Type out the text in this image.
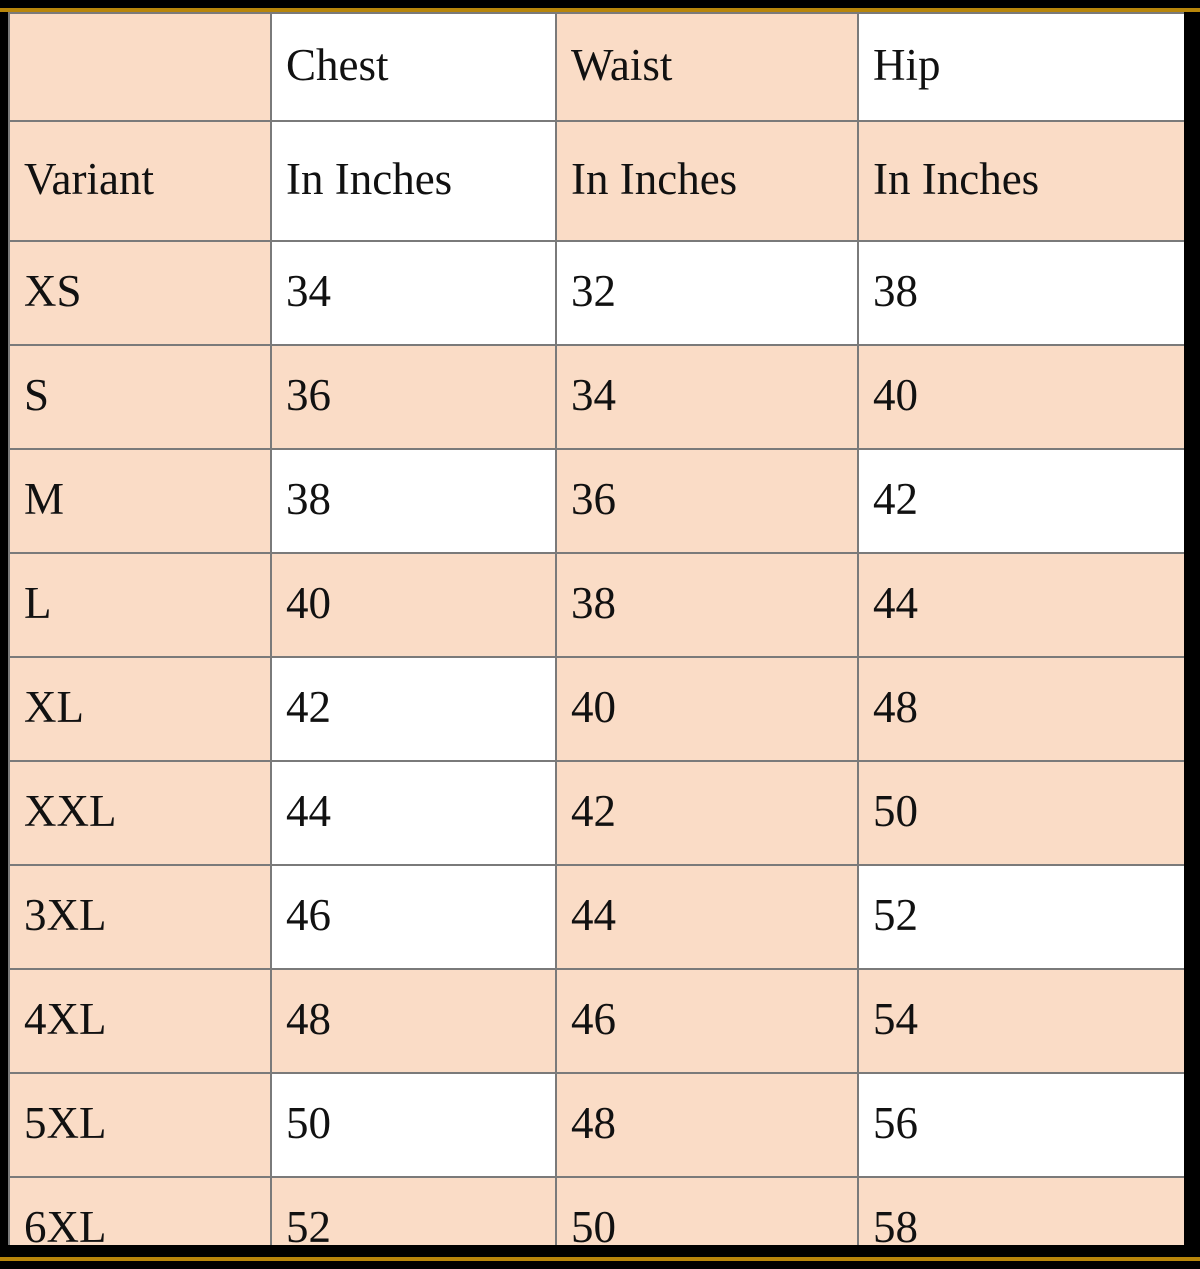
	Chest	Waist	Hip
Variant	In Inches	In Inches	In Inches
XS	34	32	38
S	36	34	40
M	38	36	42
L	40	38	44
XL	42	40	48
XXL	44	42	50
3XL	46	44	52
4XL	48	46	54
5XL	50	48	56
6XL	52	50	58
